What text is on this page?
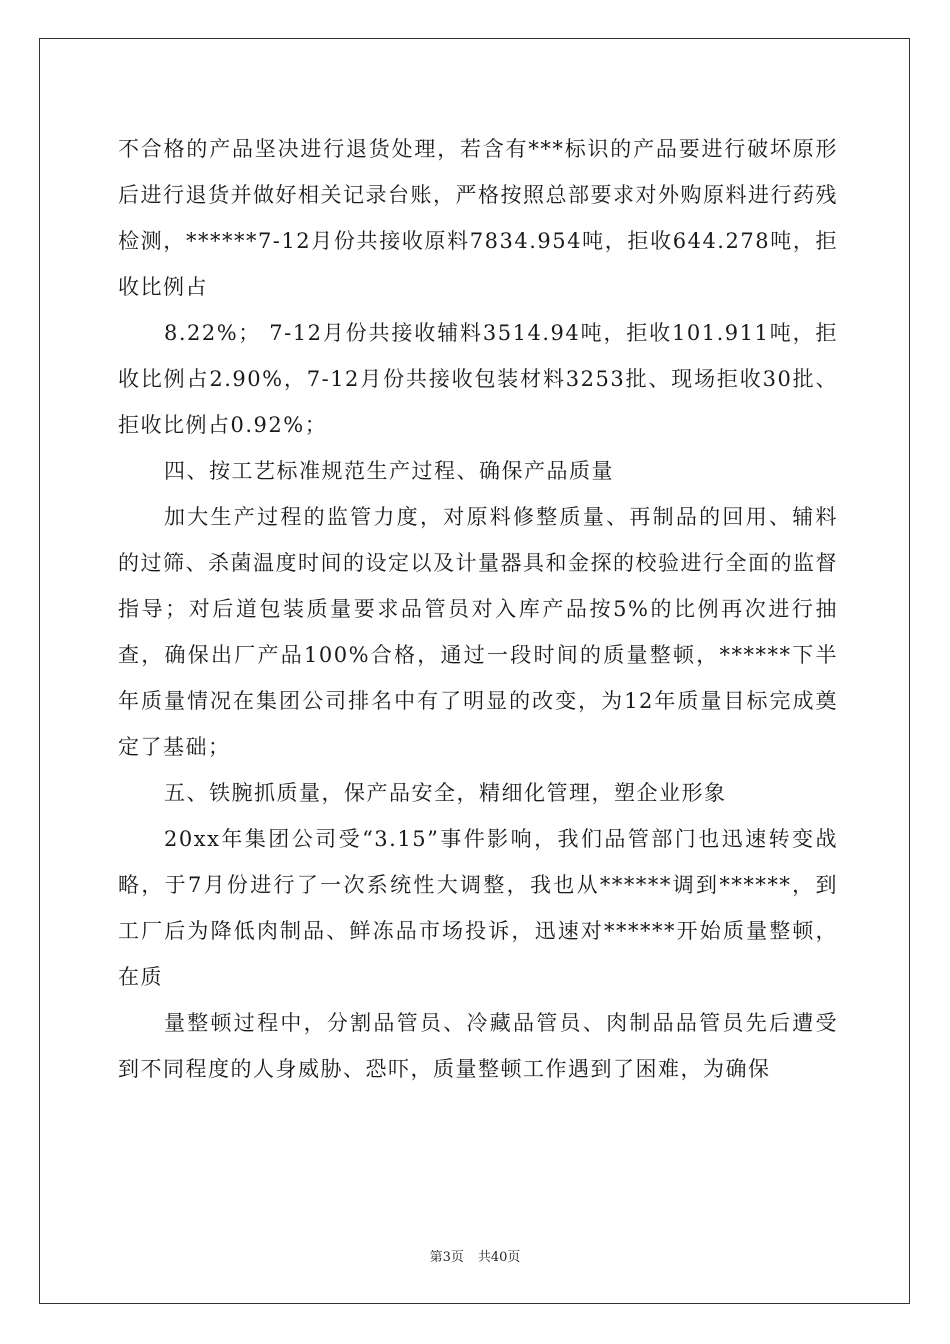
不合格的产品坚决进行退货处理，若含有***标识的产品要进行破坏原形后进行退货并做好相关记录台账，严格按照总部要求对外购原料进行药残检测，******7-12月份共接收原料7834.954吨，拒收644.278吨，拒收比例占

8.22%； 7-12月份共接收辅料3514.94吨，拒收101.911吨，拒收比例占2.90%，7-12月份共接收包装材料3253批、现场拒收30批、拒收比例占0.92%；

四、按工艺标准规范生产过程、确保产品质量

加大生产过程的监管力度，对原料修整质量、再制品的回用、辅料的过筛、杀菌温度时间的设定以及计量器具和金探的校验进行全面的监督指导；对后道包装质量要求品管员对入库产品按5%的比例再次进行抽查，确保出厂产品100%合格，通过一段时间的质量整顿，******下半年质量情况在集团公司排名中有了明显的改变，为12年质量目标完成奠定了基础；

五、铁腕抓质量，保产品安全，精细化管理，塑企业形象

20xx年集团公司受“3.15”事件影响，我们品管部门也迅速转变战略，于7月份进行了一次系统性大调整，我也从******调到******，到工厂后为降低肉制品、鲜冻品市场投诉，迅速对******开始质量整顿，在质

量整顿过程中，分割品管员、冷藏品管员、肉制品品管员先后遭受到不同程度的人身威胁、恐吓，质量整顿工作遇到了困难，为确保

第3页 共40页
